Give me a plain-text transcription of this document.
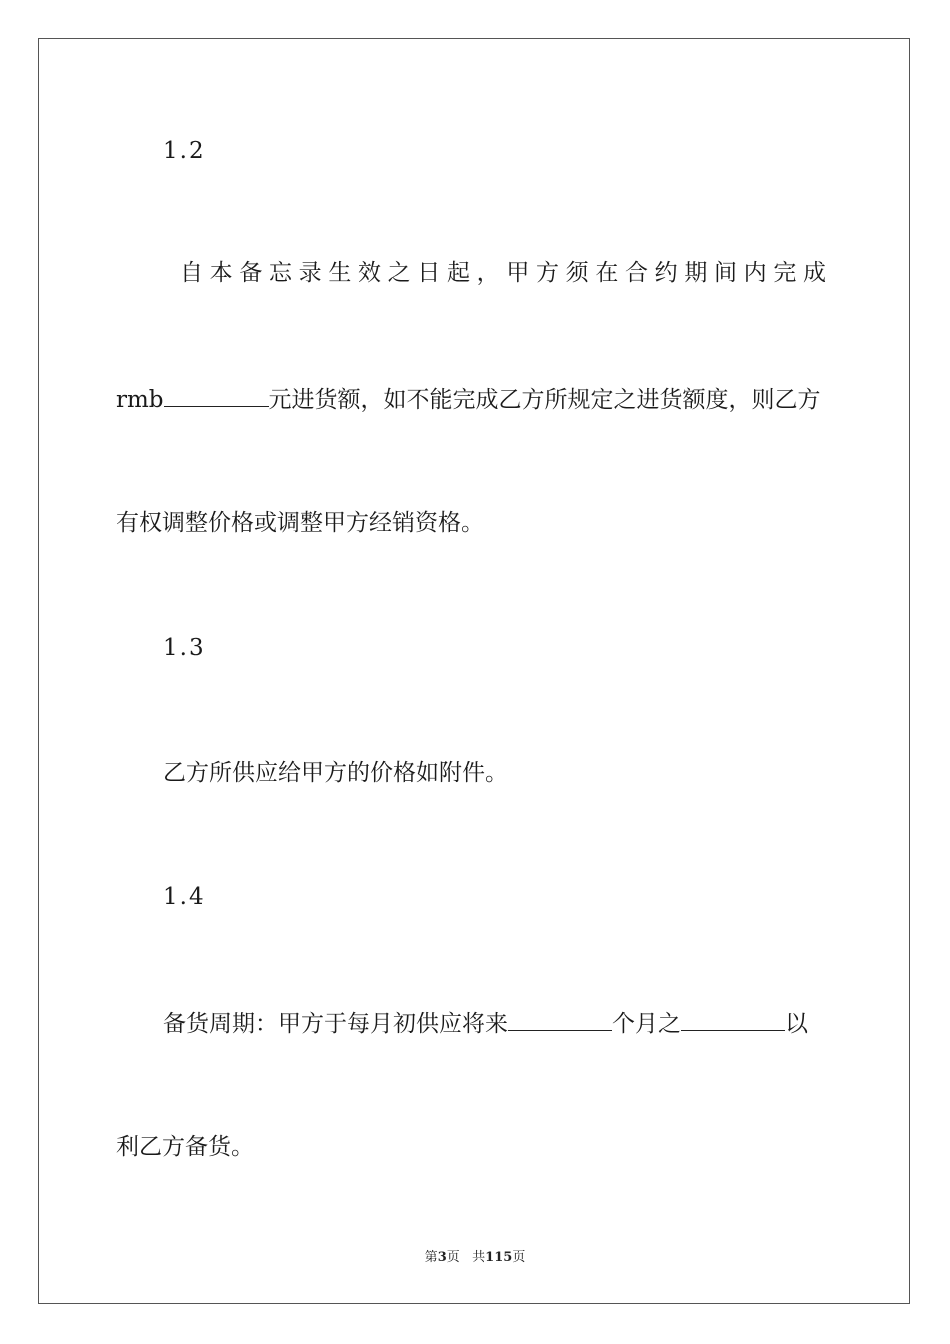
1.2
自本备忘录生效之日起，甲方须在合约期间内完成
rmb	元进货额，如不能完成乙方所规定之进货额度，则乙方
有权调整价格或调整甲方经销资格。
1.3
乙方所供应给甲方的价格如附件。
1.4
备货周期：甲方于每月初供应将来	个月之	以
利乙方备货。
第3页 共115页
